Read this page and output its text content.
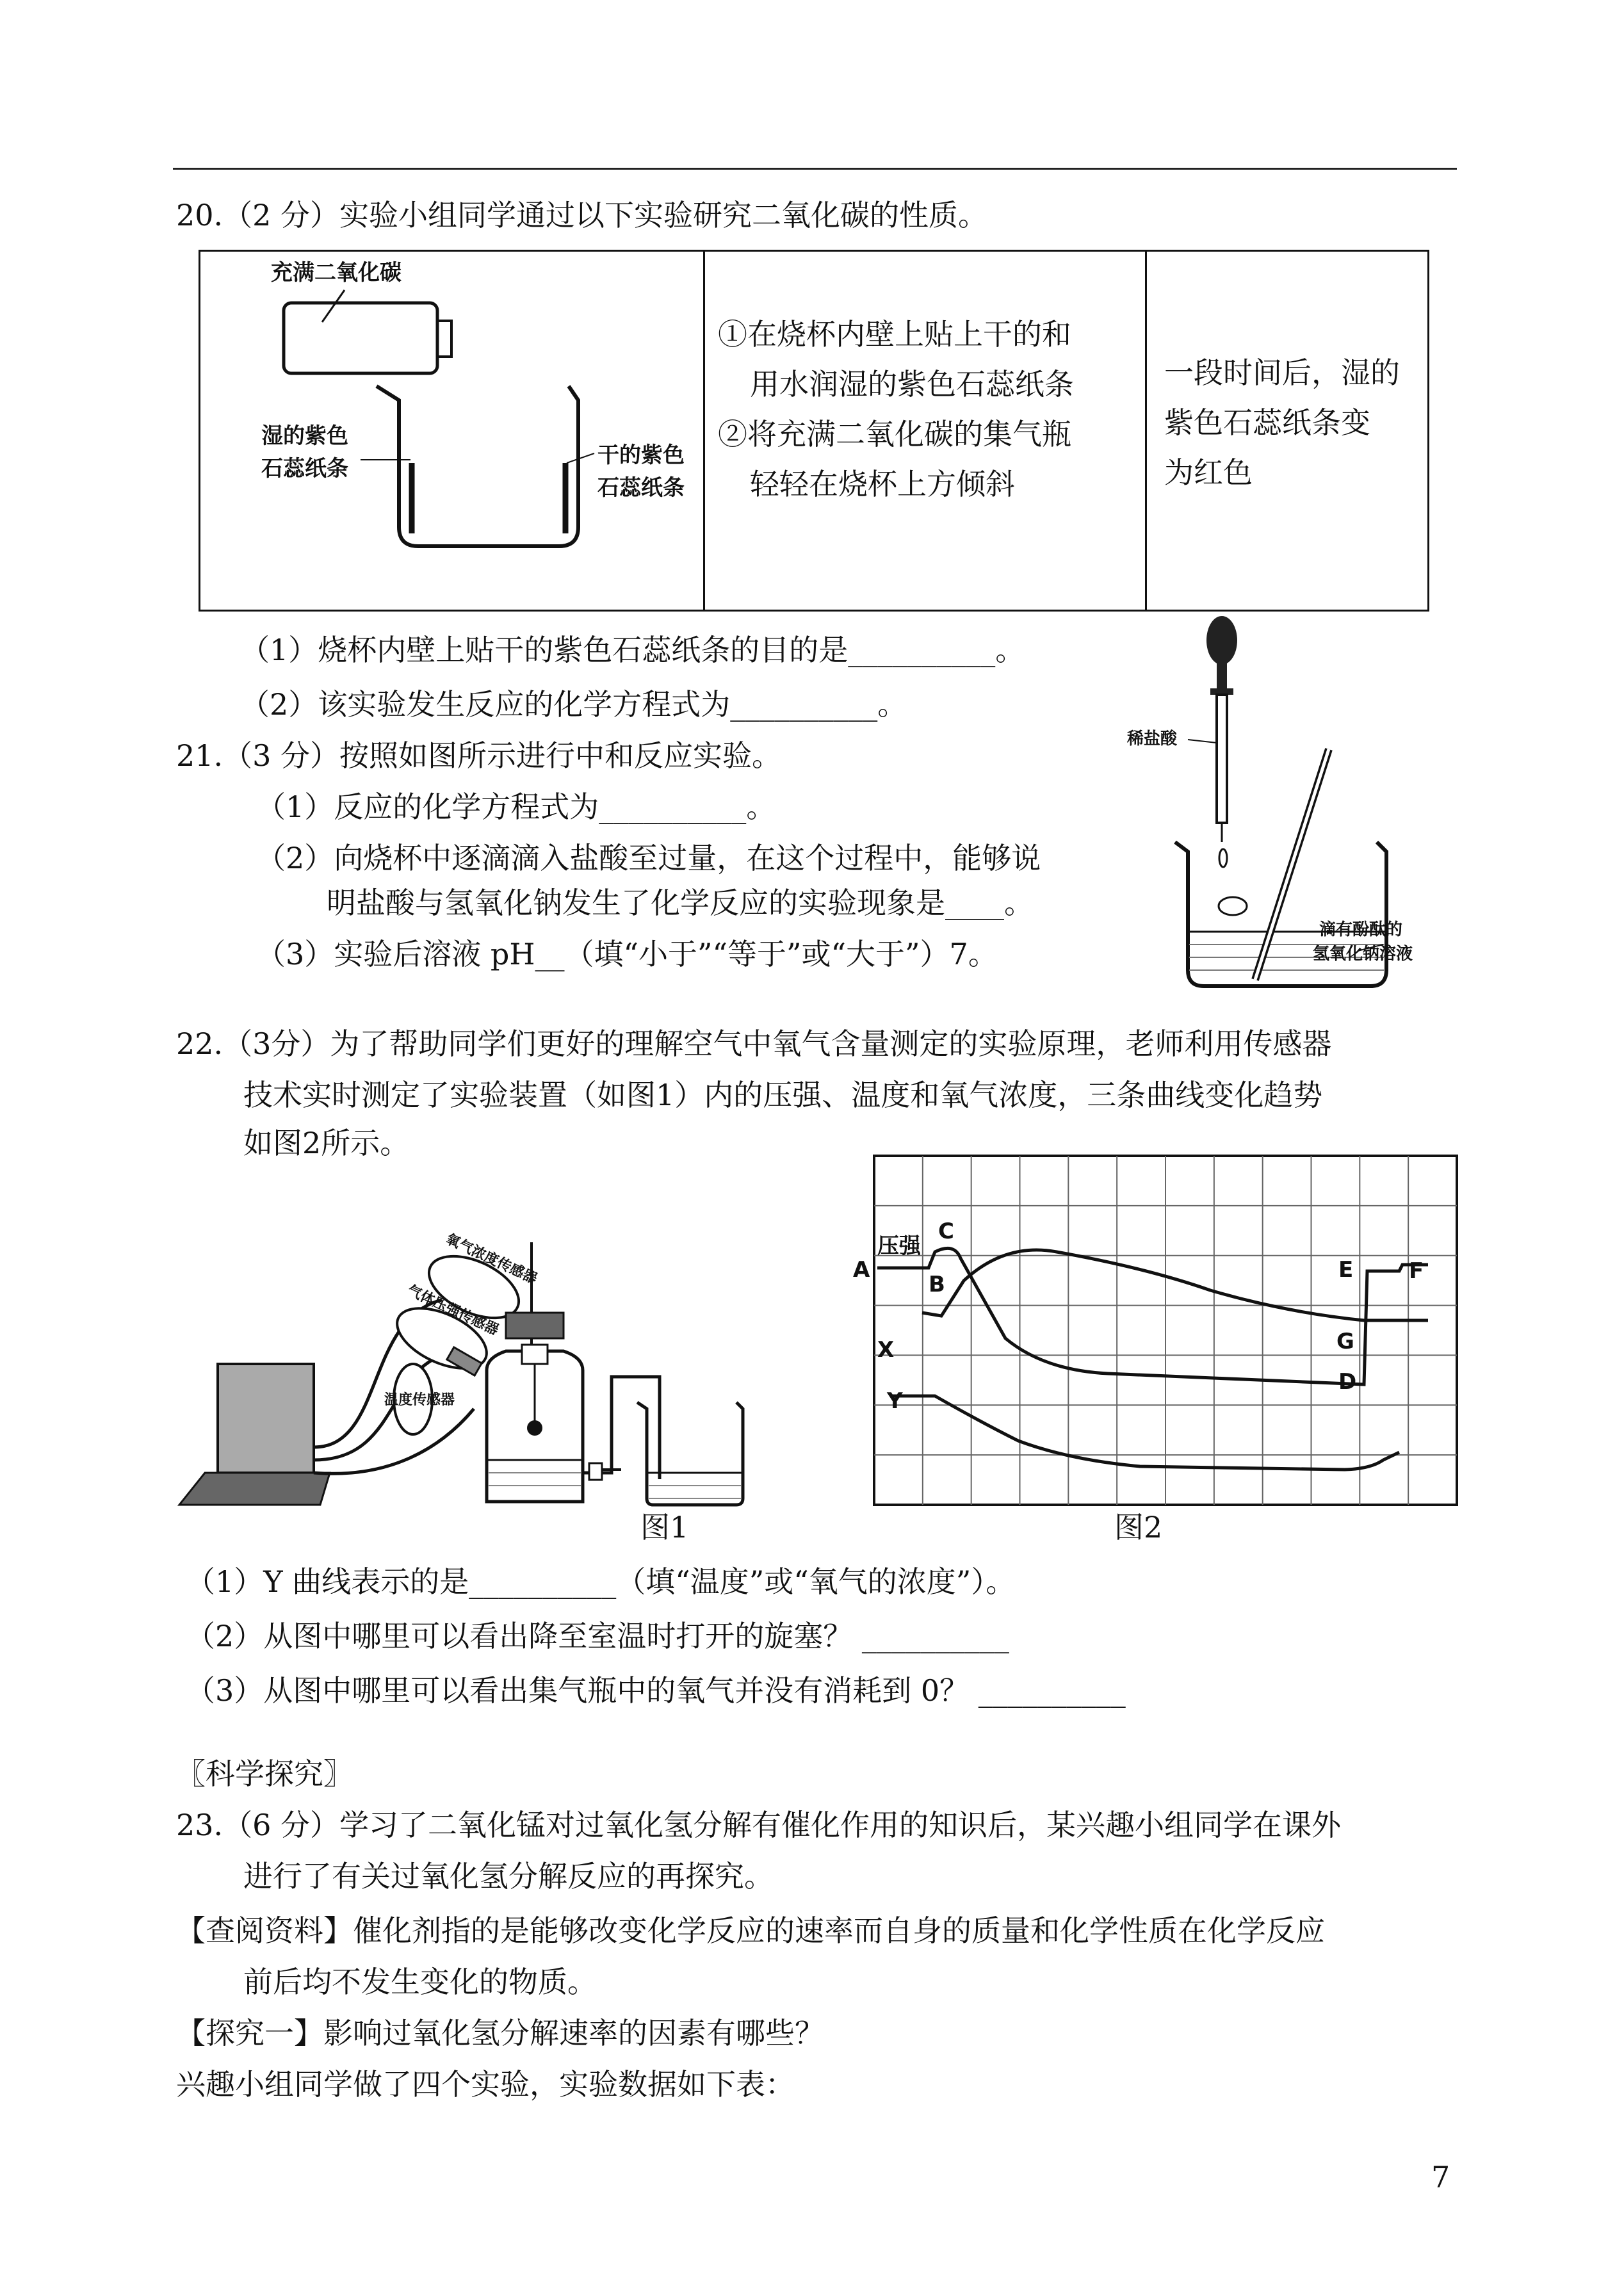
20.（2 分）实验小组同学通过以下实验研究二氧化碳的性质。
充满二氧化碳
湿的紫色
石蕊纸条
干的紫色
石蕊纸条
①在烧杯内壁上贴上干的和
用水润湿的紫色石蕊纸条
②将充满二氧化碳的集气瓶
轻轻在烧杯上方倾斜
一段时间后，湿的
紫色石蕊纸条变
为红色
（1）烧杯内壁上贴干的紫色石蕊纸条的目的是__________。
（2）该实验发生反应的化学方程式为__________。
21.（3 分）按照如图所示进行中和反应实验。
（1）反应的化学方程式为__________。
（2）向烧杯中逐滴滴入盐酸至过量，在这个过程中，能够说
明盐酸与氢氧化钠发生了化学反应的实验现象是____。
（3）实验后溶液 pH__（填“小于”“等于”或“大于”）7。
稀盐酸
滴有酚酞的
氢氧化钠溶液
22.（3分）为了帮助同学们更好的理解空气中氧气含量测定的实验原理，老师利用传感器
技术实时测定了实验装置（如图1）内的压强、温度和氧气浓度，三条曲线变化趋势
如图2所示。
氧气浓度传感器
气体压强传感器
温度传感器
图1
压强
A
B
C
X
Y
G
D
E	F
图2
（1）Y 曲线表示的是__________（填“温度”或“氧气的浓度”）。
（2）从图中哪里可以看出降至室温时打开的旋塞？ __________
（3）从图中哪里可以看出集气瓶中的氧气并没有消耗到 0？ __________
〖科学探究〗
23.（6 分）学习了二氧化锰对过氧化氢分解有催化作用的知识后，某兴趣小组同学在课外
进行了有关过氧化氢分解反应的再探究。
【查阅资料】催化剂指的是能够改变化学反应的速率而自身的质量和化学性质在化学反应
前后均不发生变化的物质。
【探究一】影响过氧化氢分解速率的因素有哪些？
兴趣小组同学做了四个实验，实验数据如下表：
7
